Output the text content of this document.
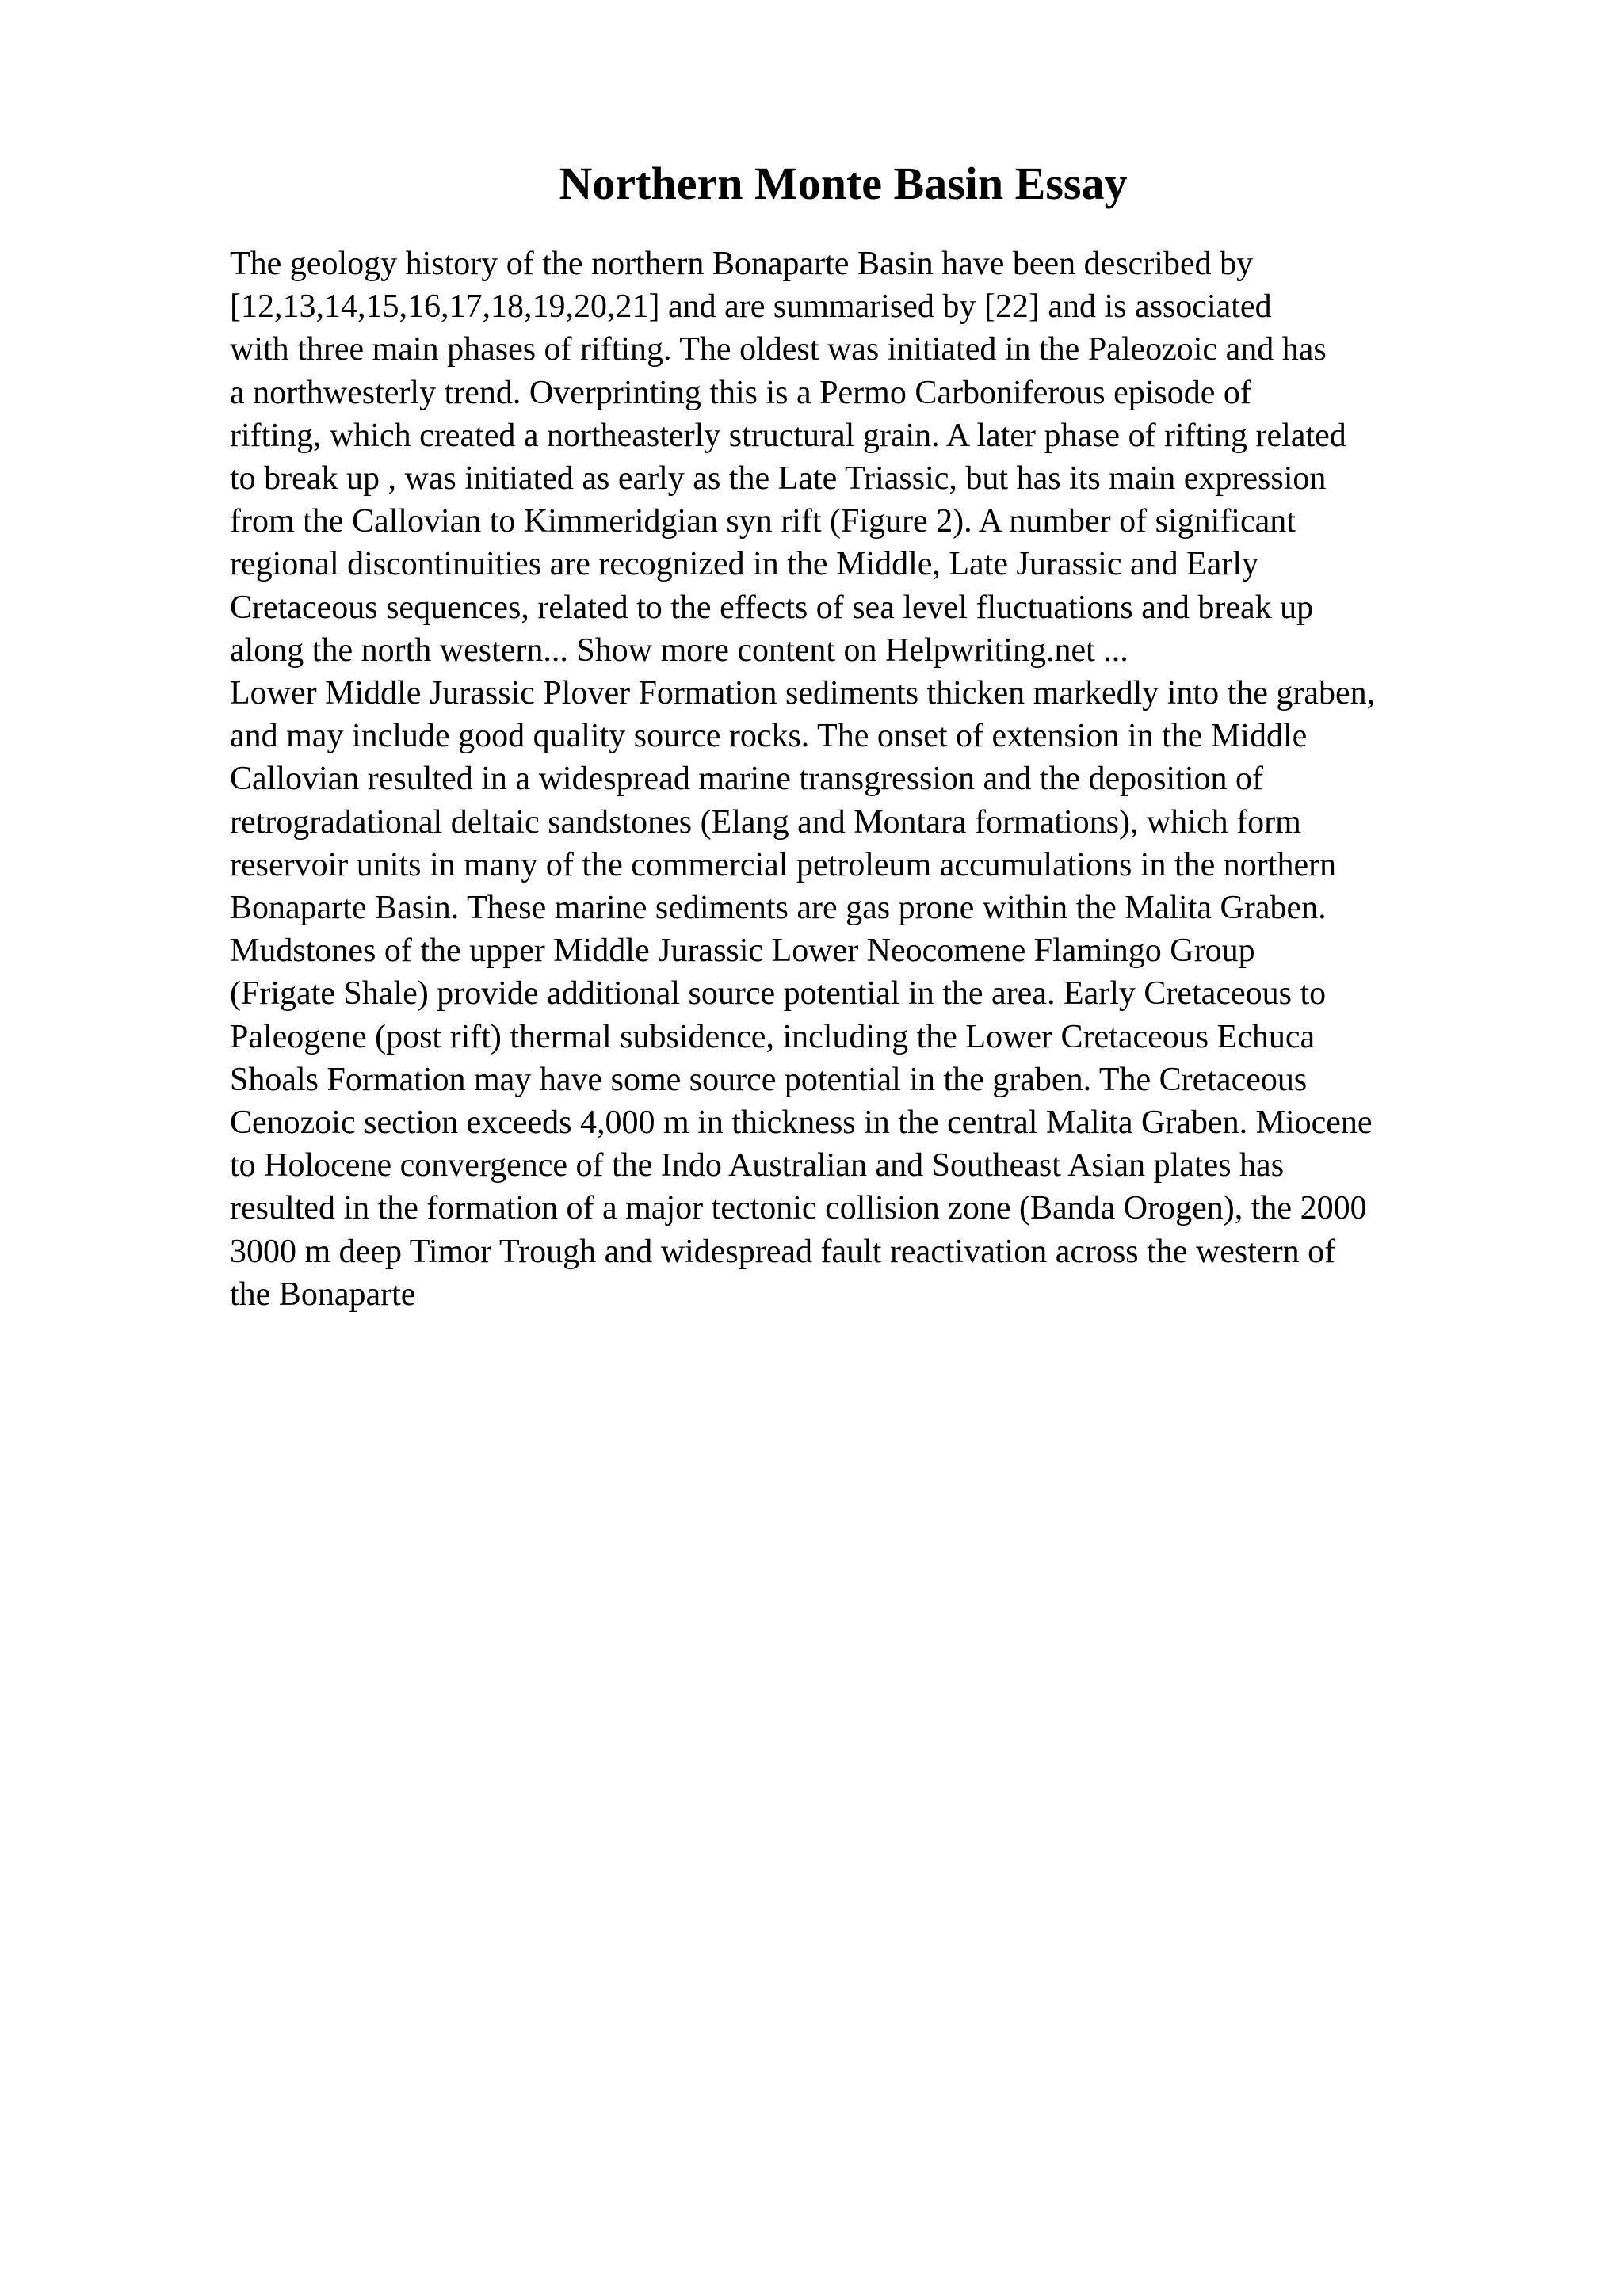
Northern Monte Basin Essay
The geology history of the northern Bonaparte Basin have been described by
[12,13,14,15,16,17,18,19,20,21] and are summarised by [22] and is associated
with three main phases of rifting. The oldest was initiated in the Paleozoic and has
a northwesterly trend. Overprinting this is a Permo Carboniferous episode of
rifting, which created a northeasterly structural grain. A later phase of rifting related
to break up , was initiated as early as the Late Triassic, but has its main expression
from the Callovian to Kimmeridgian syn rift (Figure 2). A number of significant
regional discontinuities are recognized in the Middle, Late Jurassic and Early
Cretaceous sequences, related to the effects of sea level fluctuations and break up
along the north western... Show more content on Helpwriting.net ...
Lower Middle Jurassic Plover Formation sediments thicken markedly into the graben,
and may include good quality source rocks. The onset of extension in the Middle
Callovian resulted in a widespread marine transgression and the deposition of
retrogradational deltaic sandstones (Elang and Montara formations), which form
reservoir units in many of the commercial petroleum accumulations in the northern
Bonaparte Basin. These marine sediments are gas prone within the Malita Graben.
Mudstones of the upper Middle Jurassic Lower Neocomene Flamingo Group
(Frigate Shale) provide additional source potential in the area. Early Cretaceous to
Paleogene (post rift) thermal subsidence, including the Lower Cretaceous Echuca
Shoals Formation may have some source potential in the graben. The Cretaceous
Cenozoic section exceeds 4,000 m in thickness in the central Malita Graben. Miocene
to Holocene convergence of the Indo Australian and Southeast Asian plates has
resulted in the formation of a major tectonic collision zone (Banda Orogen), the 2000
3000 m deep Timor Trough and widespread fault reactivation across the western of
the Bonaparte
